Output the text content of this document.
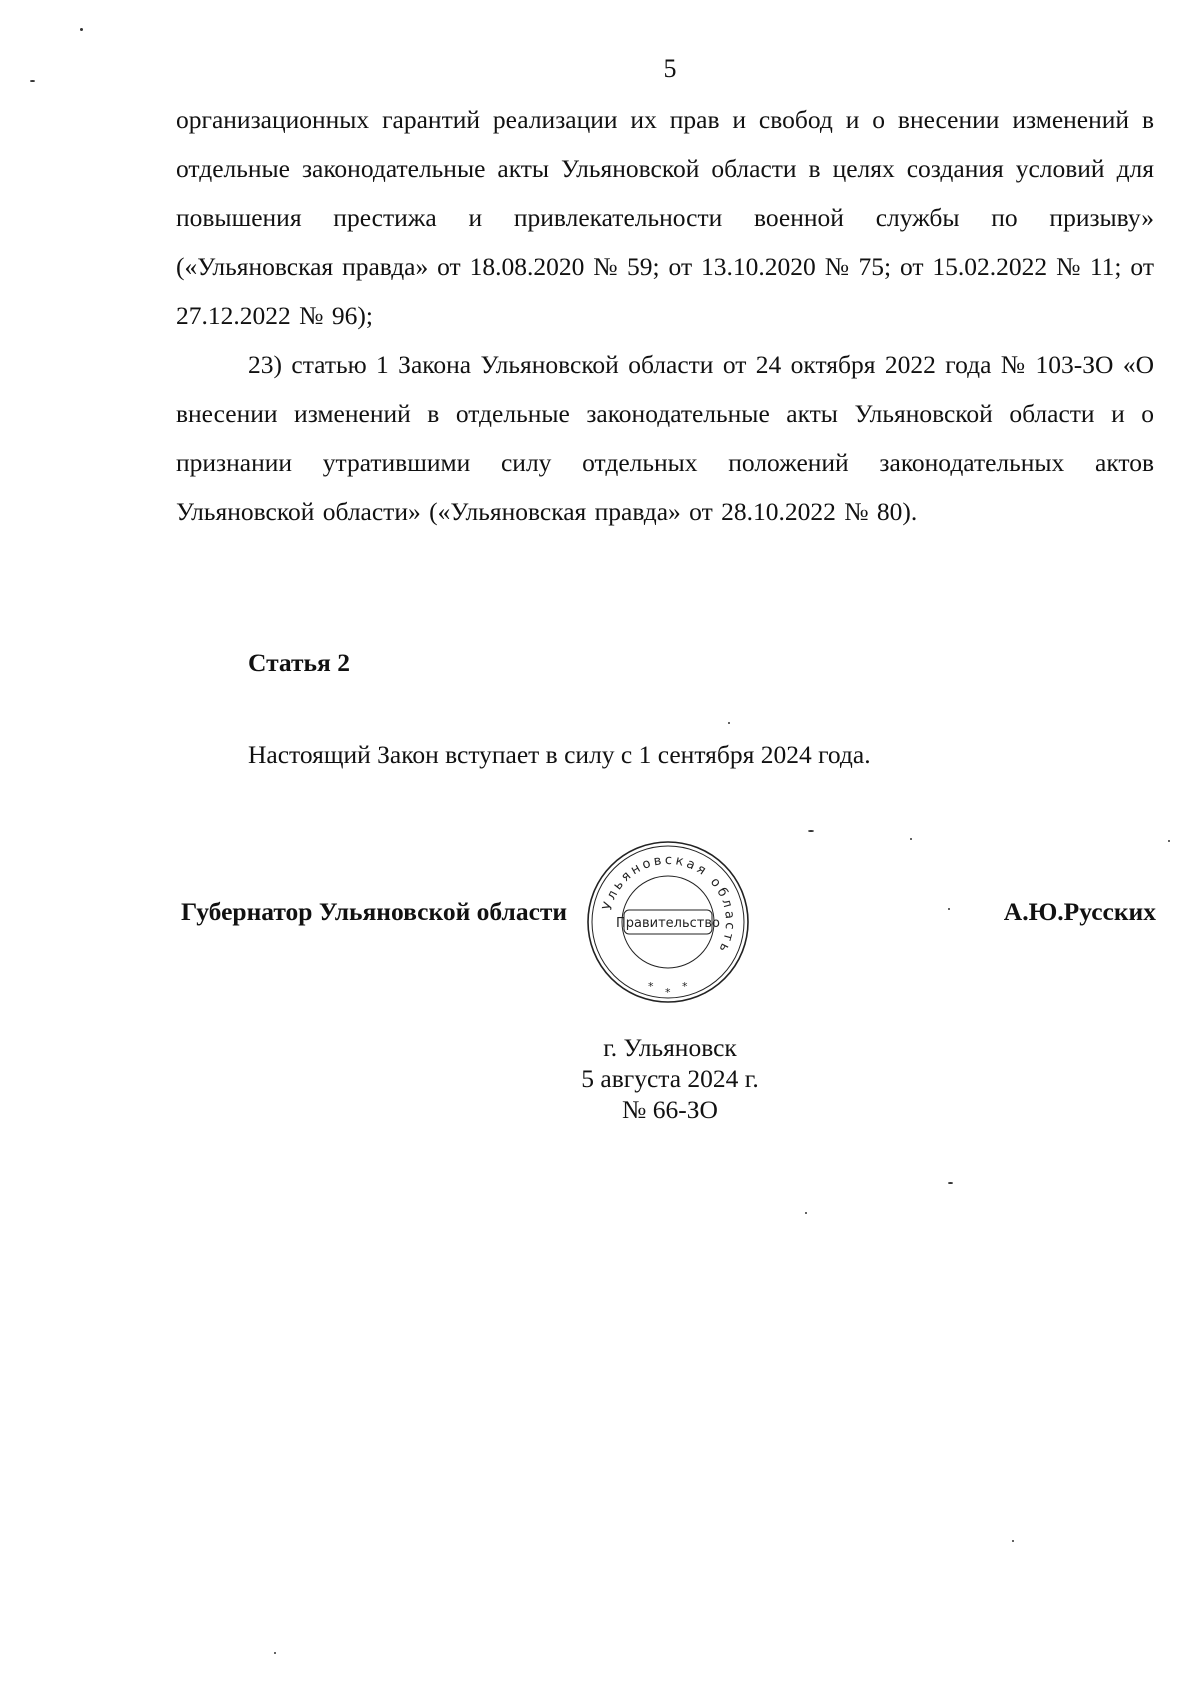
5

организационных гарантий реализации их прав и свобод и о внесении изменений в отдельные законодательные акты Ульяновской области в целях создания условий для повышения престижа и привлекательности военной службы по призыву» («Ульяновская правда» от 18.08.2020 № 59; от 13.10.2020 № 75; от 15.02.2022 № 11; от 27.12.2022 № 96);

23) статью 1 Закона Ульяновской области от 24 октября 2022 года № 103-ЗО «О внесении изменений в отдельные законодательные акты Ульяновской области и о признании утратившими силу отдельных положений законодательных актов Ульяновской области» («Ульяновская правда» от 28.10.2022 № 80).

Статья 2
Настоящий Закон вступает в силу с 1 сентября 2024 года.
Губернатор Ульяновской области	А.Ю.Русских
Ульяновская область
Правительство
* * *
г. Ульяновск
5 августа 2024 г.
№ 66-ЗО
